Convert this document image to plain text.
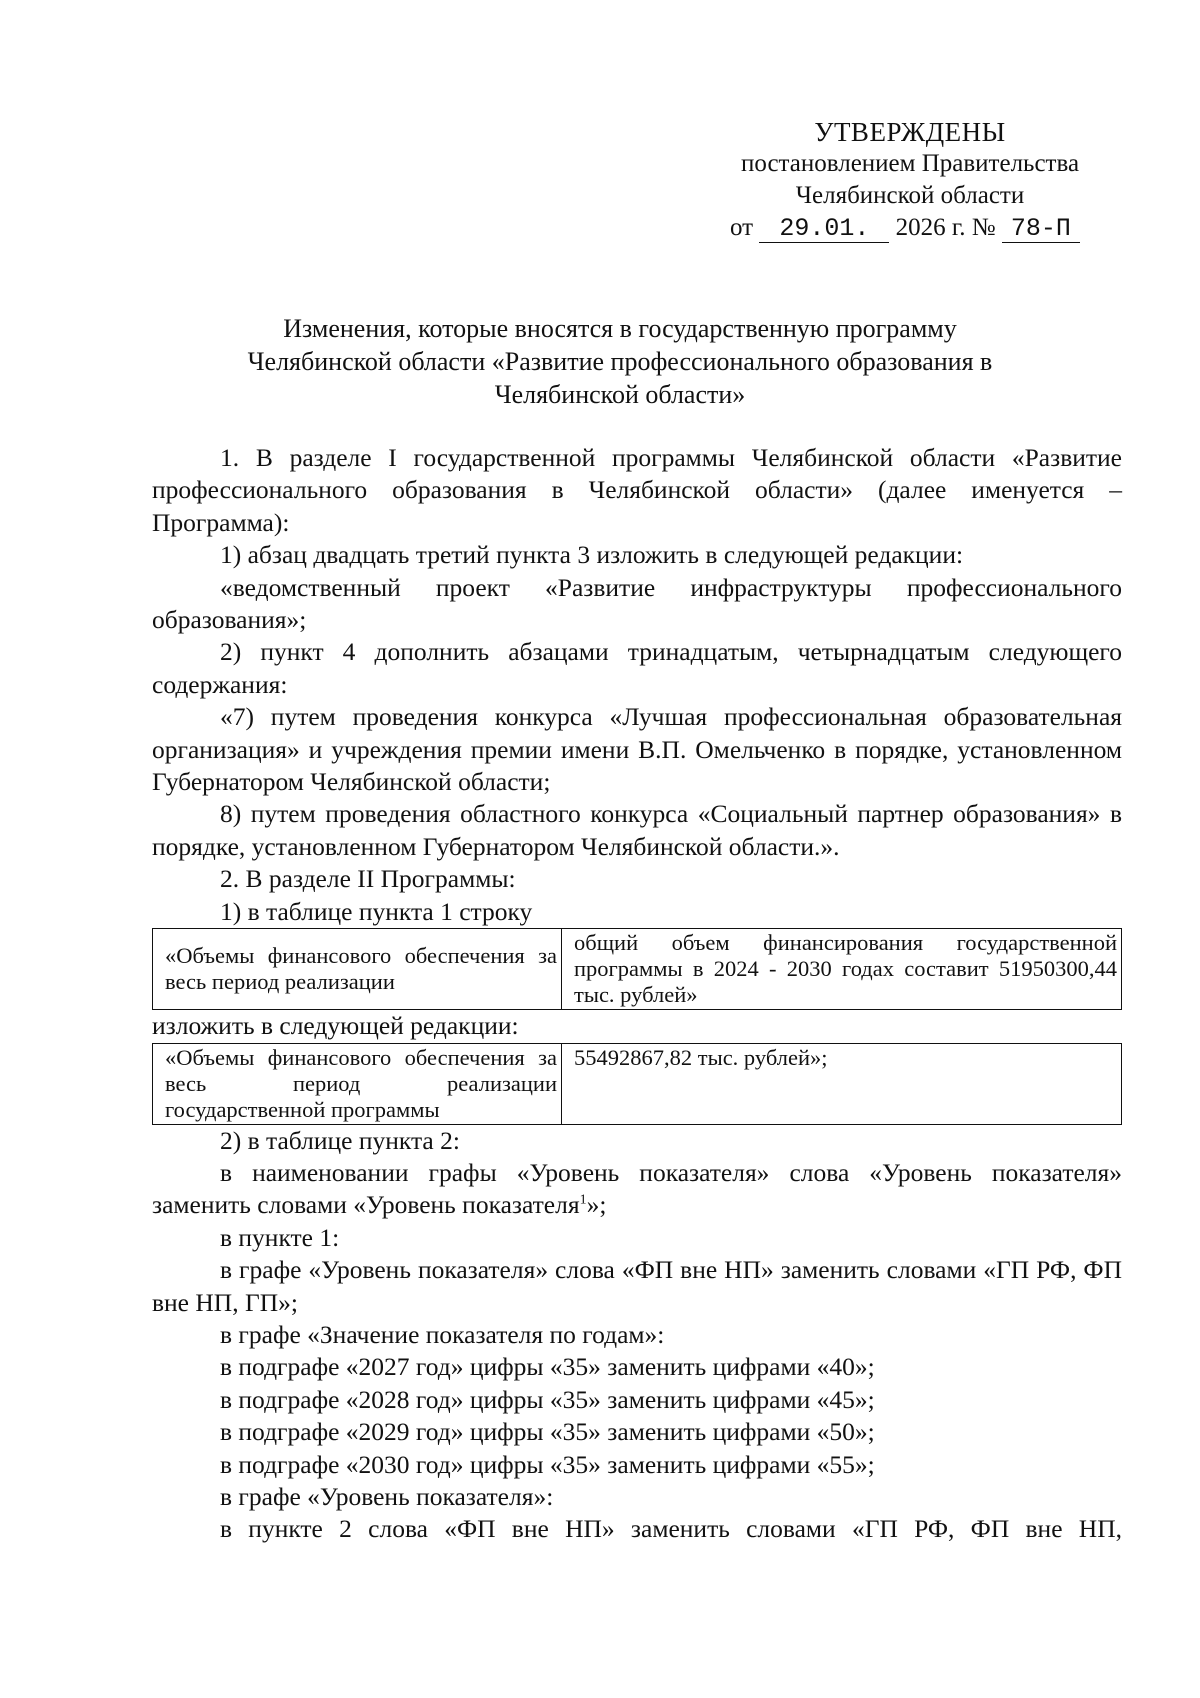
УТВЕРЖДЕНЫ
постановлением Правительства
Челябинской области
от 29.01. 2026 г. № 78-П
Изменения, которые вносятся в государственную программу
Челябинской области «Развитие профессионального образования в
Челябинской области»

1. В разделе I государственной программы Челябинской области «Развитие профессионального образования в Челябинской области» (далее именуется – Программа):

1) абзац двадцать третий пункта 3 изложить в следующей редакции:

«ведомственный проект «Развитие инфраструктуры профессионального образования»;

2) пункт 4 дополнить абзацами тринадцатым, четырнадцатым следующего содержания:

«7) путем проведения конкурса «Лучшая профессиональная образовательная организация» и учреждения премии имени В.П. Омельченко в порядке, установленном Губернатором Челябинской области;

8) путем проведения областного конкурса «Социальный партнер образования» в порядке, установленном Губернатором Челябинской области.».

2. В разделе II Программы:

1) в таблице пункта 1 строку

«Объемы финансового обеспечения за весь период реализации	общий объем финансирования государственной программы в 2024 - 2030 годах составит 51950300,44 тыс. рублей»

изложить в следующей редакции:

«Объемы финансового обеспечения за весь период реализации государственной программы	55492867,82 тыс. рублей»;

2) в таблице пункта 2:

в наименовании графы «Уровень показателя» слова «Уровень показателя» заменить словами «Уровень показателя$^1$»;

в пункте 1:

в графе «Уровень показателя» слова «ФП вне НП» заменить словами «ГП РФ, ФП вне НП, ГП»;

в графе «Значение показателя по годам»:

в подграфе «2027 год» цифры «35» заменить цифрами «40»;

в подграфе «2028 год» цифры «35» заменить цифрами «45»;

в подграфе «2029 год» цифры «35» заменить цифрами «50»;

в подграфе «2030 год» цифры «35» заменить цифрами «55»;

в графе «Уровень показателя»:

в пункте 2 слова «ФП вне НП» заменить словами «ГП РФ, ФП вне НП,
